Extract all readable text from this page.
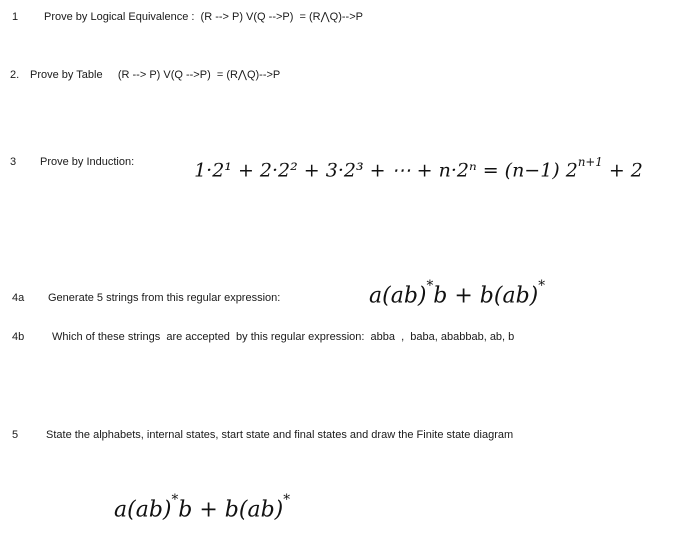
1 Prove by Logical Equivalence :  (R --> P) V(Q -->P)  = (R⋀Q)-->P
2. Prove by Table     (R --> P) V(Q -->P)  = (R⋀Q)-->P
3 Prove by Induction:	1·2¹ + 2·2² + 3·2³ + ⋯ + n·2ⁿ = (n−1) $2^{n+1} + 2$

a(ab)*b + b(ab)*

4a Generate 5 strings from this regular expression:
4b	Which of these strings  are accepted  by this regular expression:  abba  ,  baba, ababbab, ab, b
5	State the alphabets, internal states, start state and final states and draw the Finite state diagram

a(ab)*b + b(ab)*
